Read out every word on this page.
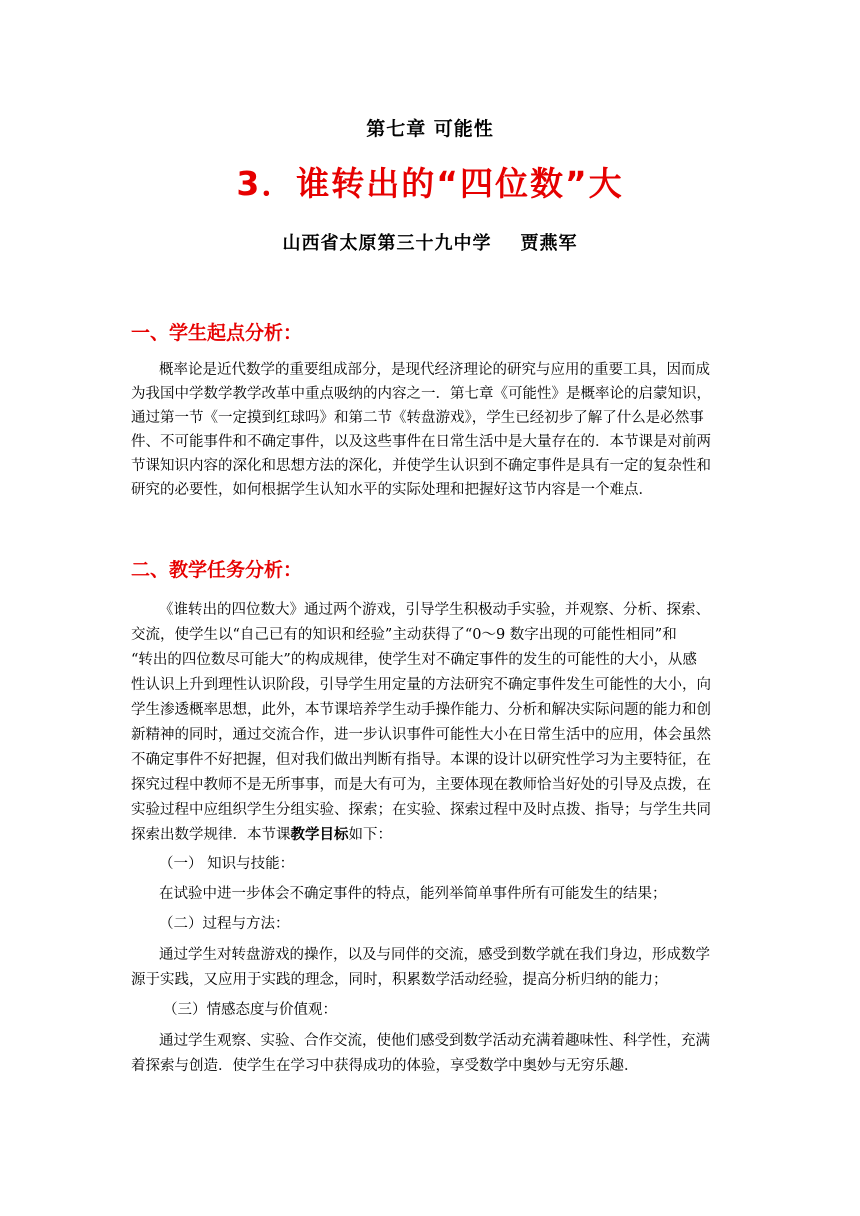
第七章 可能性
3．谁转出的“四位数”大
山西省太原第三十九中学    贾燕军
一、学生起点分析：
概率论是近代数学的重要组成部分，是现代经济理论的研究与应用的重要工具，因而成
为我国中学数学教学改革中重点吸纳的内容之一．第七章《可能性》是概率论的启蒙知识，
通过第一节《一定摸到红球吗》和第二节《转盘游戏》，学生已经初步了解了什么是必然事
件、不可能事件和不确定事件，以及这些事件在日常生活中是大量存在的．本节课是对前两
节课知识内容的深化和思想方法的深化，并使学生认识到不确定事件是具有一定的复杂性和
研究的必要性，如何根据学生认知水平的实际处理和把握好这节内容是一个难点．
二、教学任务分析：
《谁转出的四位数大》通过两个游戏，引导学生积极动手实验，并观察、分析、探索、
交流，使学生以“自己已有的知识和经验”主动获得了“0～9 数字出现的可能性相同”和
“转出的四位数尽可能大”的构成规律，使学生对不确定事件的发生的可能性的大小，从感
性认识上升到理性认识阶段，引导学生用定量的方法研究不确定事件发生可能性的大小，向
学生渗透概率思想，此外，本节课培养学生动手操作能力、分析和解决实际问题的能力和创
新精神的同时，通过交流合作，进一步认识事件可能性大小在日常生活中的应用，体会虽然
不确定事件不好把握，但对我们做出判断有指导。本课的设计以研究性学习为主要特征，在
探究过程中教师不是无所事事，而是大有可为，主要体现在教师恰当好处的引导及点拨，在
实验过程中应组织学生分组实验、探索；在实验、探索过程中及时点拨、指导；与学生共同
探索出数学规律．本节课教学目标如下：
（一） 知识与技能：
在试验中进一步体会不确定事件的特点，能列举简单事件所有可能发生的结果；
（二）过程与方法：
通过学生对转盘游戏的操作，以及与同伴的交流，感受到数学就在我们身边，形成数学
源于实践，又应用于实践的理念，同时，积累数学活动经验，提高分析归纳的能力；
（三）情感态度与价值观：
通过学生观察、实验、合作交流，使他们感受到数学活动充满着趣味性、科学性，充满
着探索与创造．使学生在学习中获得成功的体验，享受数学中奥妙与无穷乐趣．
